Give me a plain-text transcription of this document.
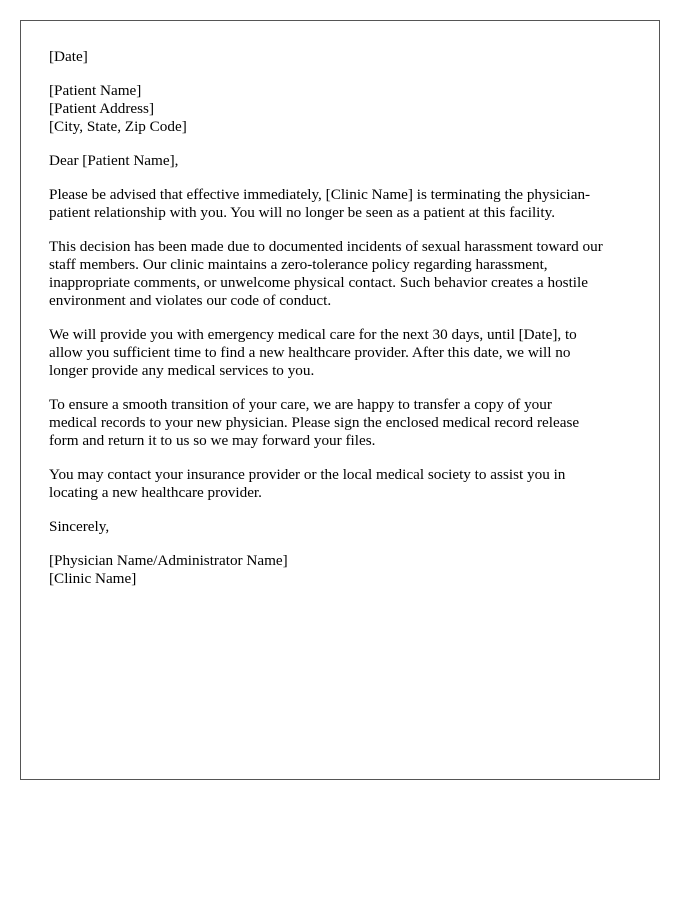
[Date]

[Patient Name]

[Patient Address]

[City, State, Zip Code]

Dear [Patient Name],

Please be advised that effective immediately, [Clinic Name] is terminating the physician-

patient relationship with you. You will no longer be seen as a patient at this facility.

This decision has been made due to documented incidents of sexual harassment toward our

staff members. Our clinic maintains a zero-tolerance policy regarding harassment,

inappropriate comments, or unwelcome physical contact. Such behavior creates a hostile

environment and violates our code of conduct.

We will provide you with emergency medical care for the next 30 days, until [Date], to

allow you sufficient time to find a new healthcare provider. After this date, we will no

longer provide any medical services to you.

To ensure a smooth transition of your care, we are happy to transfer a copy of your

medical records to your new physician. Please sign the enclosed medical record release

form and return it to us so we may forward your files.

You may contact your insurance provider or the local medical society to assist you in

locating a new healthcare provider.

Sincerely,

[Physician Name/Administrator Name]

[Clinic Name]
